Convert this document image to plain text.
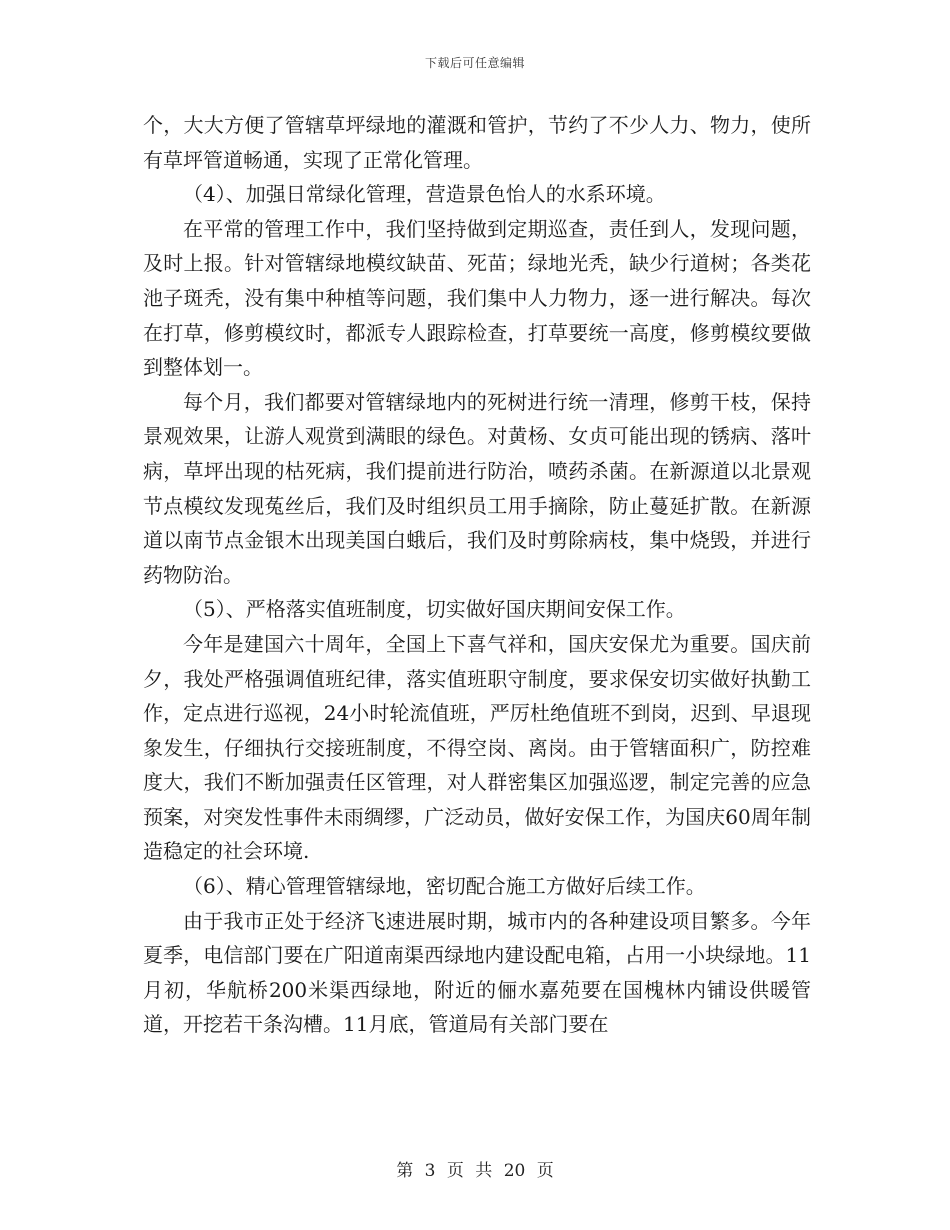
下载后可任意编辑

个，大大方便了管辖草坪绿地的灌溉和管护，节约了不少人力、物力，使所有草坪管道畅通，实现了正常化管理。

（4）、加强日常绿化管理，营造景色怡人的水系环境。

在平常的管理工作中，我们坚持做到定期巡查，责任到人，发现问题，及时上报。针对管辖绿地模纹缺苗、死苗；绿地光秃，缺少行道树；各类花池子斑秃，没有集中种植等问题，我们集中人力物力，逐一进行解决。每次在打草，修剪模纹时，都派专人跟踪检查，打草要统一高度，修剪模纹要做到整体划一。

每个月，我们都要对管辖绿地内的死树进行统一清理，修剪干枝，保持景观效果，让游人观赏到满眼的绿色。对黄杨、女贞可能出现的锈病、落叶病，草坪出现的枯死病，我们提前进行防治，喷药杀菌。在新源道以北景观节点模纹发现菟丝后，我们及时组织员工用手摘除，防止蔓延扩散。在新源道以南节点金银木出现美国白蛾后，我们及时剪除病枝，集中烧毁，并进行药物防治。

（5）、严格落实值班制度，切实做好国庆期间安保工作。

今年是建国六十周年，全国上下喜气祥和，国庆安保尤为重要。国庆前夕，我处严格强调值班纪律，落实值班职守制度，要求保安切实做好执勤工作，定点进行巡视，24小时轮流值班，严厉杜绝值班不到岗，迟到、早退现象发生，仔细执行交接班制度，不得空岗、离岗。由于管辖面积广，防控难度大，我们不断加强责任区管理，对人群密集区加强巡逻，制定完善的应急预案，对突发性事件未雨绸缪，广泛动员，做好安保工作，为国庆60周年制造稳定的社会环境.

（6）、精心管理管辖绿地，密切配合施工方做好后续工作。

由于我市正处于经济飞速进展时期，城市内的各种建设项目繁多。今年夏季，电信部门要在广阳道南渠西绿地内建设配电箱，占用一小块绿地。11月初，华航桥200米渠西绿地，附近的俪水嘉苑要在国槐林内铺设供暖管道，开挖若干条沟槽。11月底，管道局有关部门要在

第 3 页 共 20 页
